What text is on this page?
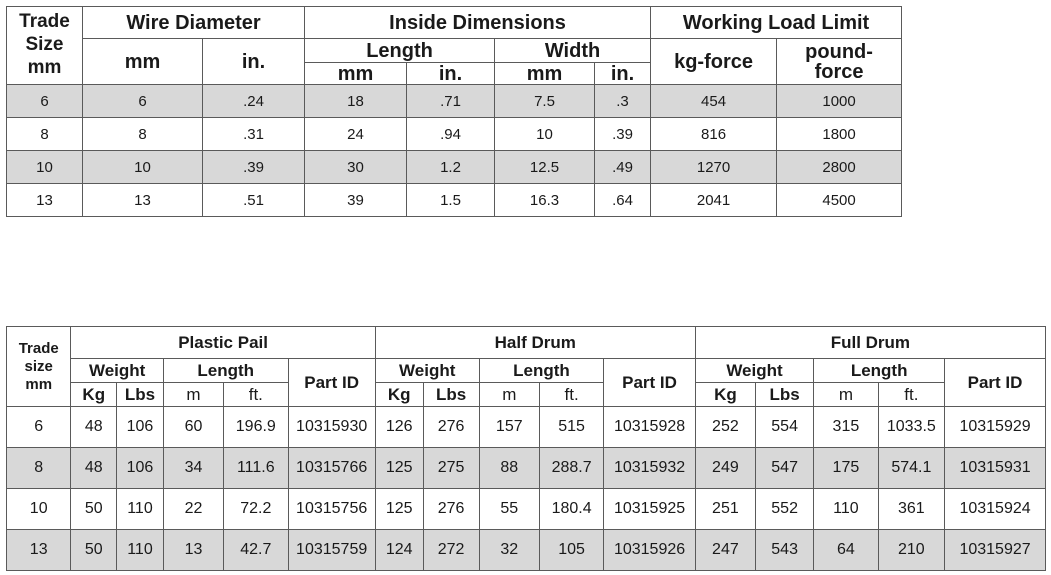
Trade
Size
mm	Wire Diameter		Inside Dimensions				Working Load Limit	
	mm	in.	Length		Width		kg-force	pound-
force
			mm	in.	mm	in.		
6	6	.24	18	.71	7.5	.3	454	1000
8	8	.31	24	.94	10	.39	816	1800
10	10	.39	30	1.2	12.5	.49	1270	2800
13	13	.51	39	1.5	16.3	.64	2041	4500
Trade
size
mm	Plastic Pail					Half Drum					Full Drum				
	Weight		Length		Part ID	Weight		Length		Part ID	Weight		Length		Part ID
	Kg	Lbs	m	ft.		Kg	Lbs	m	ft.		Kg	Lbs	m	ft.	
6	48	106	60	196.9	10315930	126	276	157	515	10315928	252	554	315	1033.5	10315929
8	48	106	34	111.6	10315766	125	275	88	288.7	10315932	249	547	175	574.1	10315931
10	50	110	22	72.2	10315756	125	276	55	180.4	10315925	251	552	110	361	10315924
13	50	110	13	42.7	10315759	124	272	32	105	10315926	247	543	64	210	10315927
